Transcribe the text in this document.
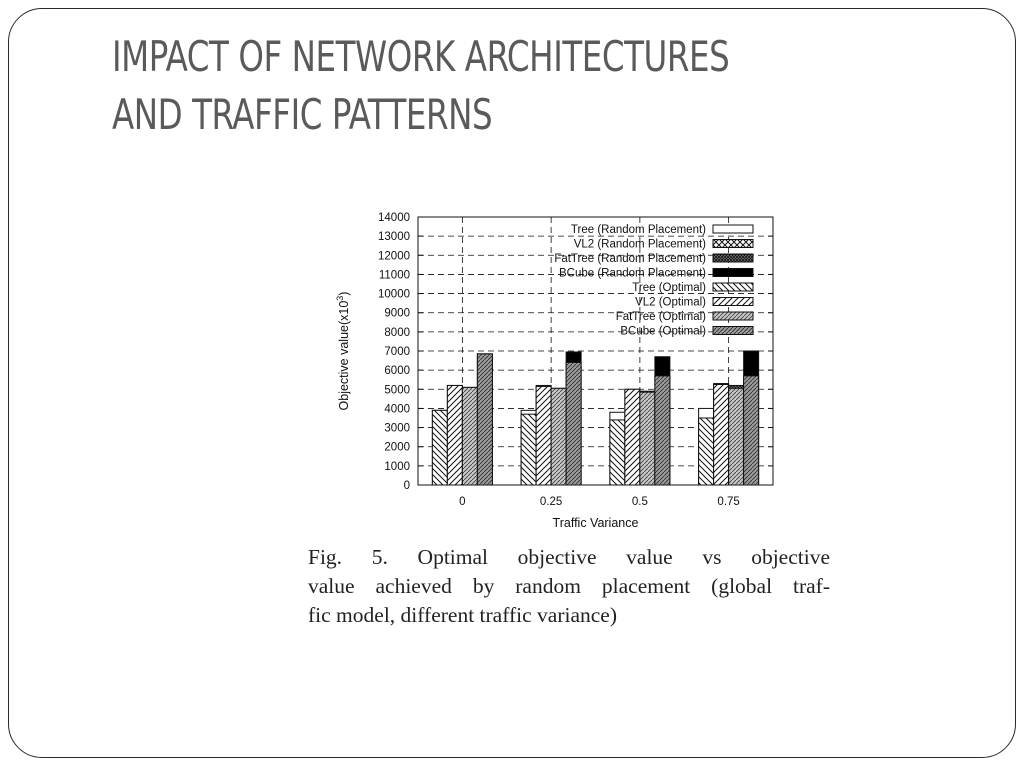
IMPACT OF NETWORK ARCHITECTURES
AND TRAFFIC PATTERNS
0
1000
2000
3000
4000
5000
6000
7000
8000
9000
10000
11000
12000
13000
14000
0	0.25	0.5	0.75
Tree (Random Placement)
VL2 (Random Placement)
FatTree (Random Placement)
BCube (Random Placement)
Tree (Optimal)
VL2 (Optimal)
FatTree (Optimal)
BCube (Optimal)
Objective $value(x10^3)$
Traffic Variance
Fig. 5. Optimal objective value vs objective
value achieved by random placement (global traf-
fic model, different traffic variance)
